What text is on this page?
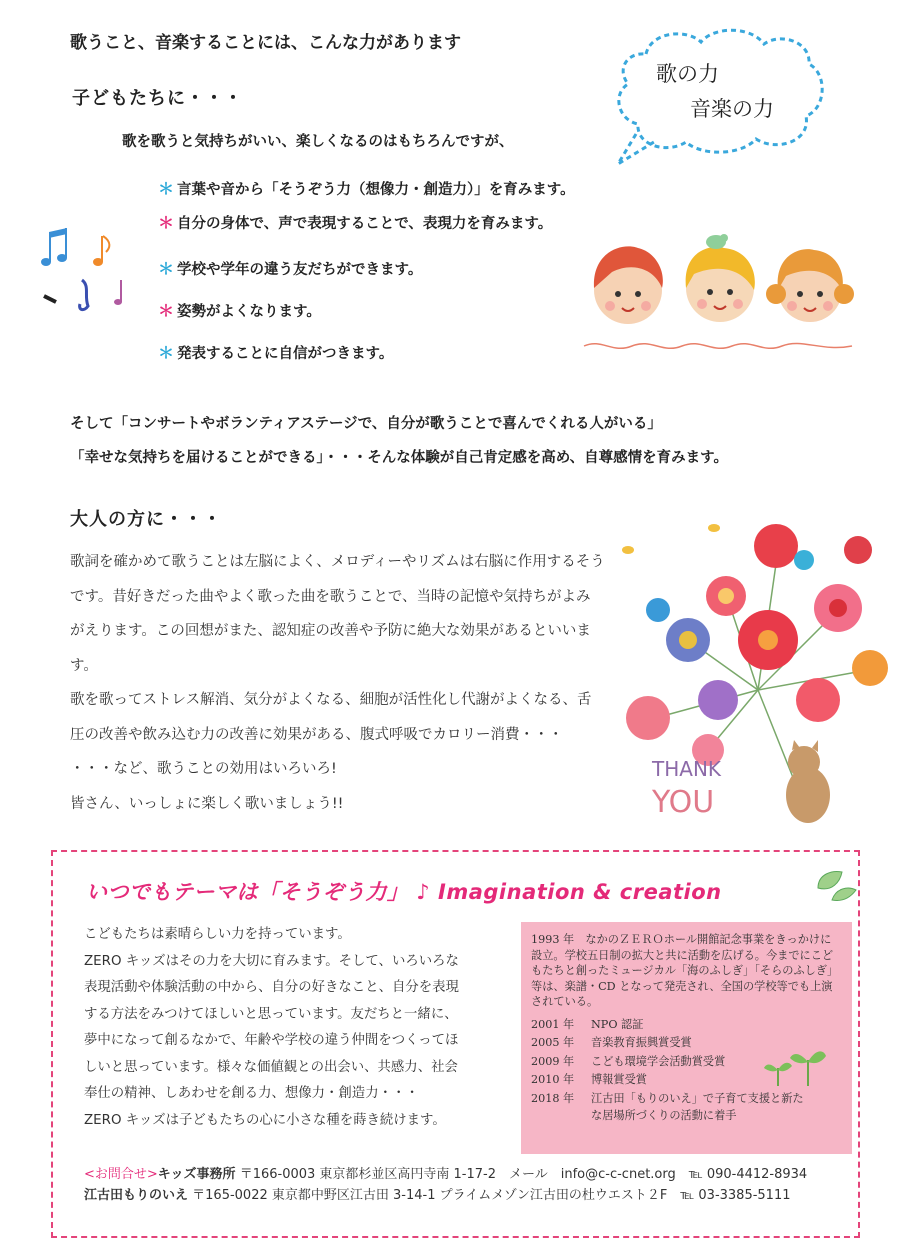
歌うこと、音楽することには、こんな力があります
歌の力
音楽の力
子どもたちに・・・
歌を歌うと気持ちがいい、楽しくなるのはもちろんですが、
＊ 言葉や音から「そうぞう力（想像力・創造力）」を育みます。
＊ 自分の身体で、声で表現することで、表現力を育みます。
＊ 学校や学年の違う友だちができます。
＊ 姿勢がよくなります。
＊ 発表することに自信がつきます。
そして「コンサートやボランティアステージで、自分が歌うことで喜んでくれる人がいる」
「幸せな気持ちを届けることができる」・・・そんな体験が自己肯定感を高め、自尊感情を育みます。
大人の方に・・・

歌詞を確かめて歌うことは左脳によく、メロディーやリズムは右脳に作用するそうです。昔好きだった曲やよく歌った曲を歌うことで、当時の記憶や気持ちがよみがえります。この回想がまた、認知症の改善や予防に絶大な効果があるといいます。

歌を歌ってストレス解消、気分がよくなる、細胞が活性化し代謝がよくなる、舌圧の改善や飲み込む力の改善に効果がある、腹式呼吸でカロリー消費・・・

・・・など、歌うことの効用はいろいろ!

皆さん、いっしょに楽しく歌いましょう!!

THANK
YOU
いつでもテーマは「そうぞう力」 ♪ Imagination & creation

こどもたちは素晴らしい力を持っています。

ZERO キッズはその力を大切に育みます。そして、いろいろな

表現活動や体験活動の中から、自分の好きなこと、自分を表現

する方法をみつけてほしいと思っています。友だちと一緒に、

夢中になって創るなかで、年齢や学校の違う仲間をつくってほ

しいと思っています。様々な価値観との出会い、共感力、社会

奉仕の精神、しあわせを創る力、想像力・創造力・・・

ZERO キッズは子どもたちの心に小さな種を蒔き続けます。

1993 年　なかのＺＥＲＯホール開館記念事業をきっかけに設立。学校五日制の拡大と共に活動を広げる。今までにこどもたちと創ったミュージカル「海のふしぎ」「そらのふしぎ」等は、楽譜・CD となって発売され、全国の学校等でも上演されている。

2001 年 NPO 認証
2005 年 音楽教育振興賞受賞
2009 年 こども環境学会活動賞受賞
2010 年 博報賞受賞
2018 年 江古田「もりのいえ」で子育て支援と新た
な居場所づくりの活動に着手
<お問合せ>キッズ事務所 〒166-0003 東京都杉並区高円寺南 1-17-2　メール　info@c-c-cnet.org　℡ 090-4412-8934
江古田もりのいえ 〒165-0022 東京都中野区江古田 3-14-1 プライムメゾン江古田の杜ウエスト２F　℡ 03-3385-5111
